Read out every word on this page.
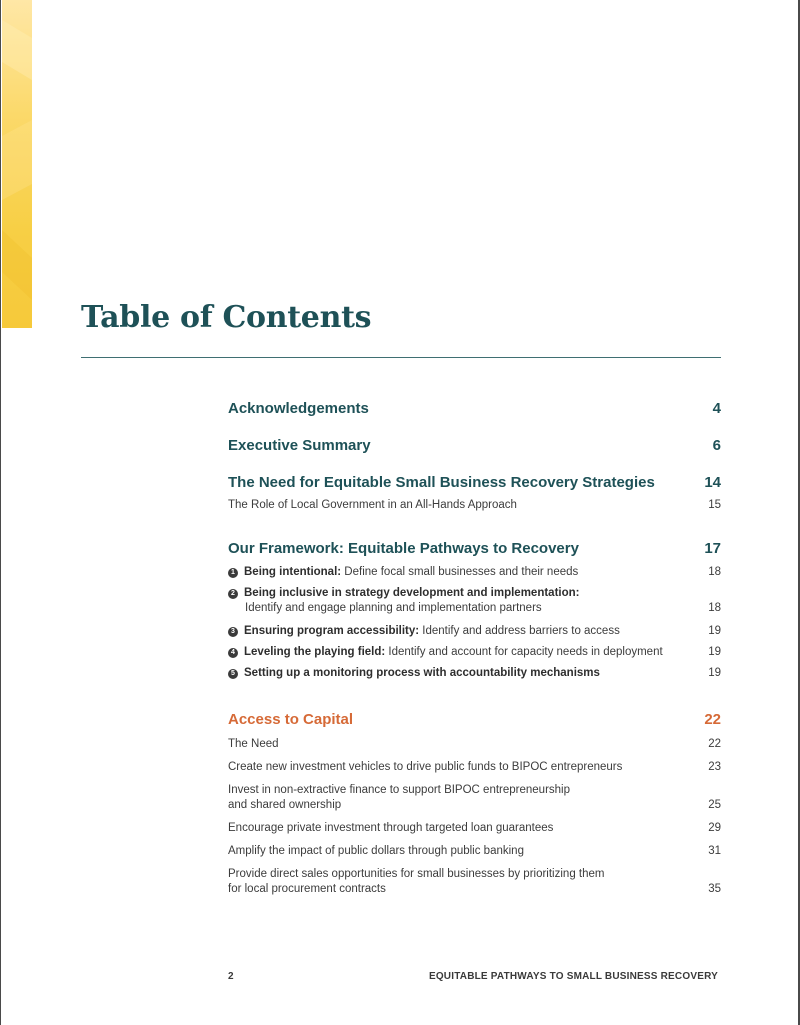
Table of Contents
Acknowledgements	4
Executive Summary	6
The Need for Equitable Small Business Recovery Strategies	14
The Role of Local Government in an All-Hands Approach	15
Our Framework: Equitable Pathways to Recovery	17
1 Being intentional: Define focal small businesses and their needs	18
2 Being inclusive in strategy development and implementation:
Identify and engage planning and implementation partners	18
3 Ensuring program accessibility: Identify and address barriers to access	19
4 Leveling the playing field: Identify and account for capacity needs in deployment	19
5 Setting up a monitoring process with accountability mechanisms	19
Access to Capital	22
The Need	22
Create new investment vehicles to drive public funds to BIPOC entrepreneurs	23
Invest in non-extractive finance to support BIPOC entrepreneurship
and shared ownership	25
Encourage private investment through targeted loan guarantees	29
Amplify the impact of public dollars through public banking	31
Provide direct sales opportunities for small businesses by prioritizing them
for local procurement contracts	35
2	EQUITABLE PATHWAYS TO SMALL BUSINESS RECOVERY
